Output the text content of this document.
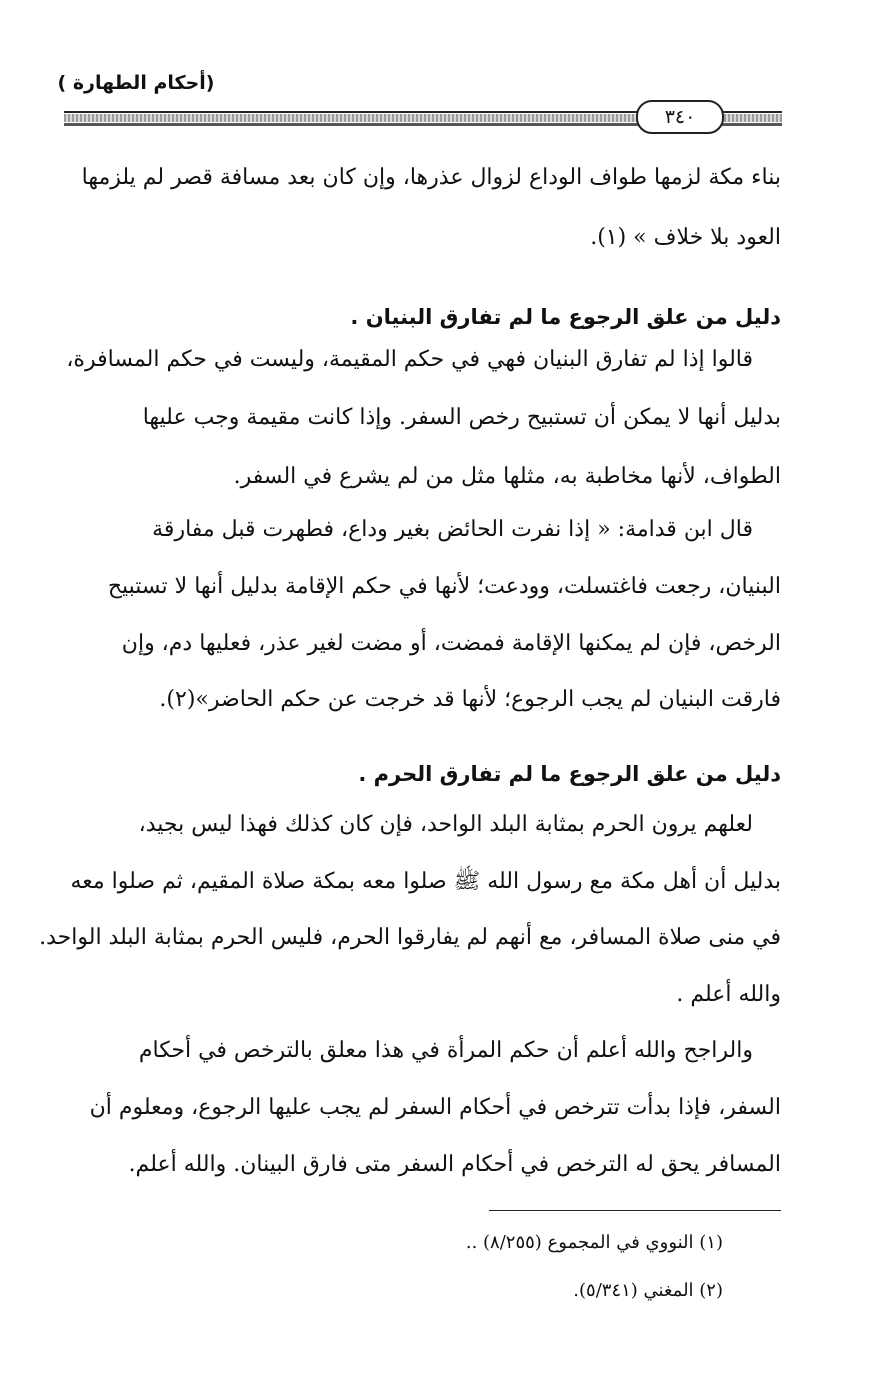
(أحكام الطهارة )
٣٤٠
بناء مكة لزمها طواف الوداع لزوال عذرها، وإن كان بعد مسافة قصر لم يلزمها
العود بلا خلاف » (١).
دليل من علق الرجوع ما لم تفارق البنيان .
قالوا إذا لم تفارق البنيان فهي في حكم المقيمة، وليست في حكم المسافرة،
بدليل أنها لا يمكن أن تستبيح رخص السفر. وإذا كانت مقيمة وجب عليها
الطواف، لأنها مخاطبة به، مثلها مثل من لم يشرع في السفر.
قال ابن قدامة: « إذا نفرت الحائض بغير وداع، فطهرت قبل مفارقة
البنيان، رجعت فاغتسلت، وودعت؛ لأنها في حكم الإقامة بدليل أنها لا تستبيح
الرخص، فإن لم يمكنها الإقامة فمضت، أو مضت لغير عذر، فعليها دم، وإن
فارقت البنيان لم يجب الرجوع؛ لأنها قد خرجت عن حكم الحاضر»(٢).
دليل من علق الرجوع ما لم تفارق الحرم .
لعلهم يرون الحرم بمثابة البلد الواحد، فإن كان كذلك فهذا ليس بجيد،
بدليل أن أهل مكة مع رسول الله ﷺ صلوا معه بمكة صلاة المقيم، ثم صلوا معه
في منى صلاة المسافر، مع أنهم لم يفارقوا الحرم، فليس الحرم بمثابة البلد الواحد.
والله أعلم .
والراجح والله أعلم أن حكم المرأة في هذا معلق بالترخص في أحكام
السفر، فإذا بدأت تترخص في أحكام السفر لم يجب عليها الرجوع، ومعلوم أن
المسافر يحق له الترخص في أحكام السفر متى فارق البينان. والله أعلم.
(١) النووي في المجموع (٨/٢٥٥) ..
(٢) المغني (٥/٣٤١).
